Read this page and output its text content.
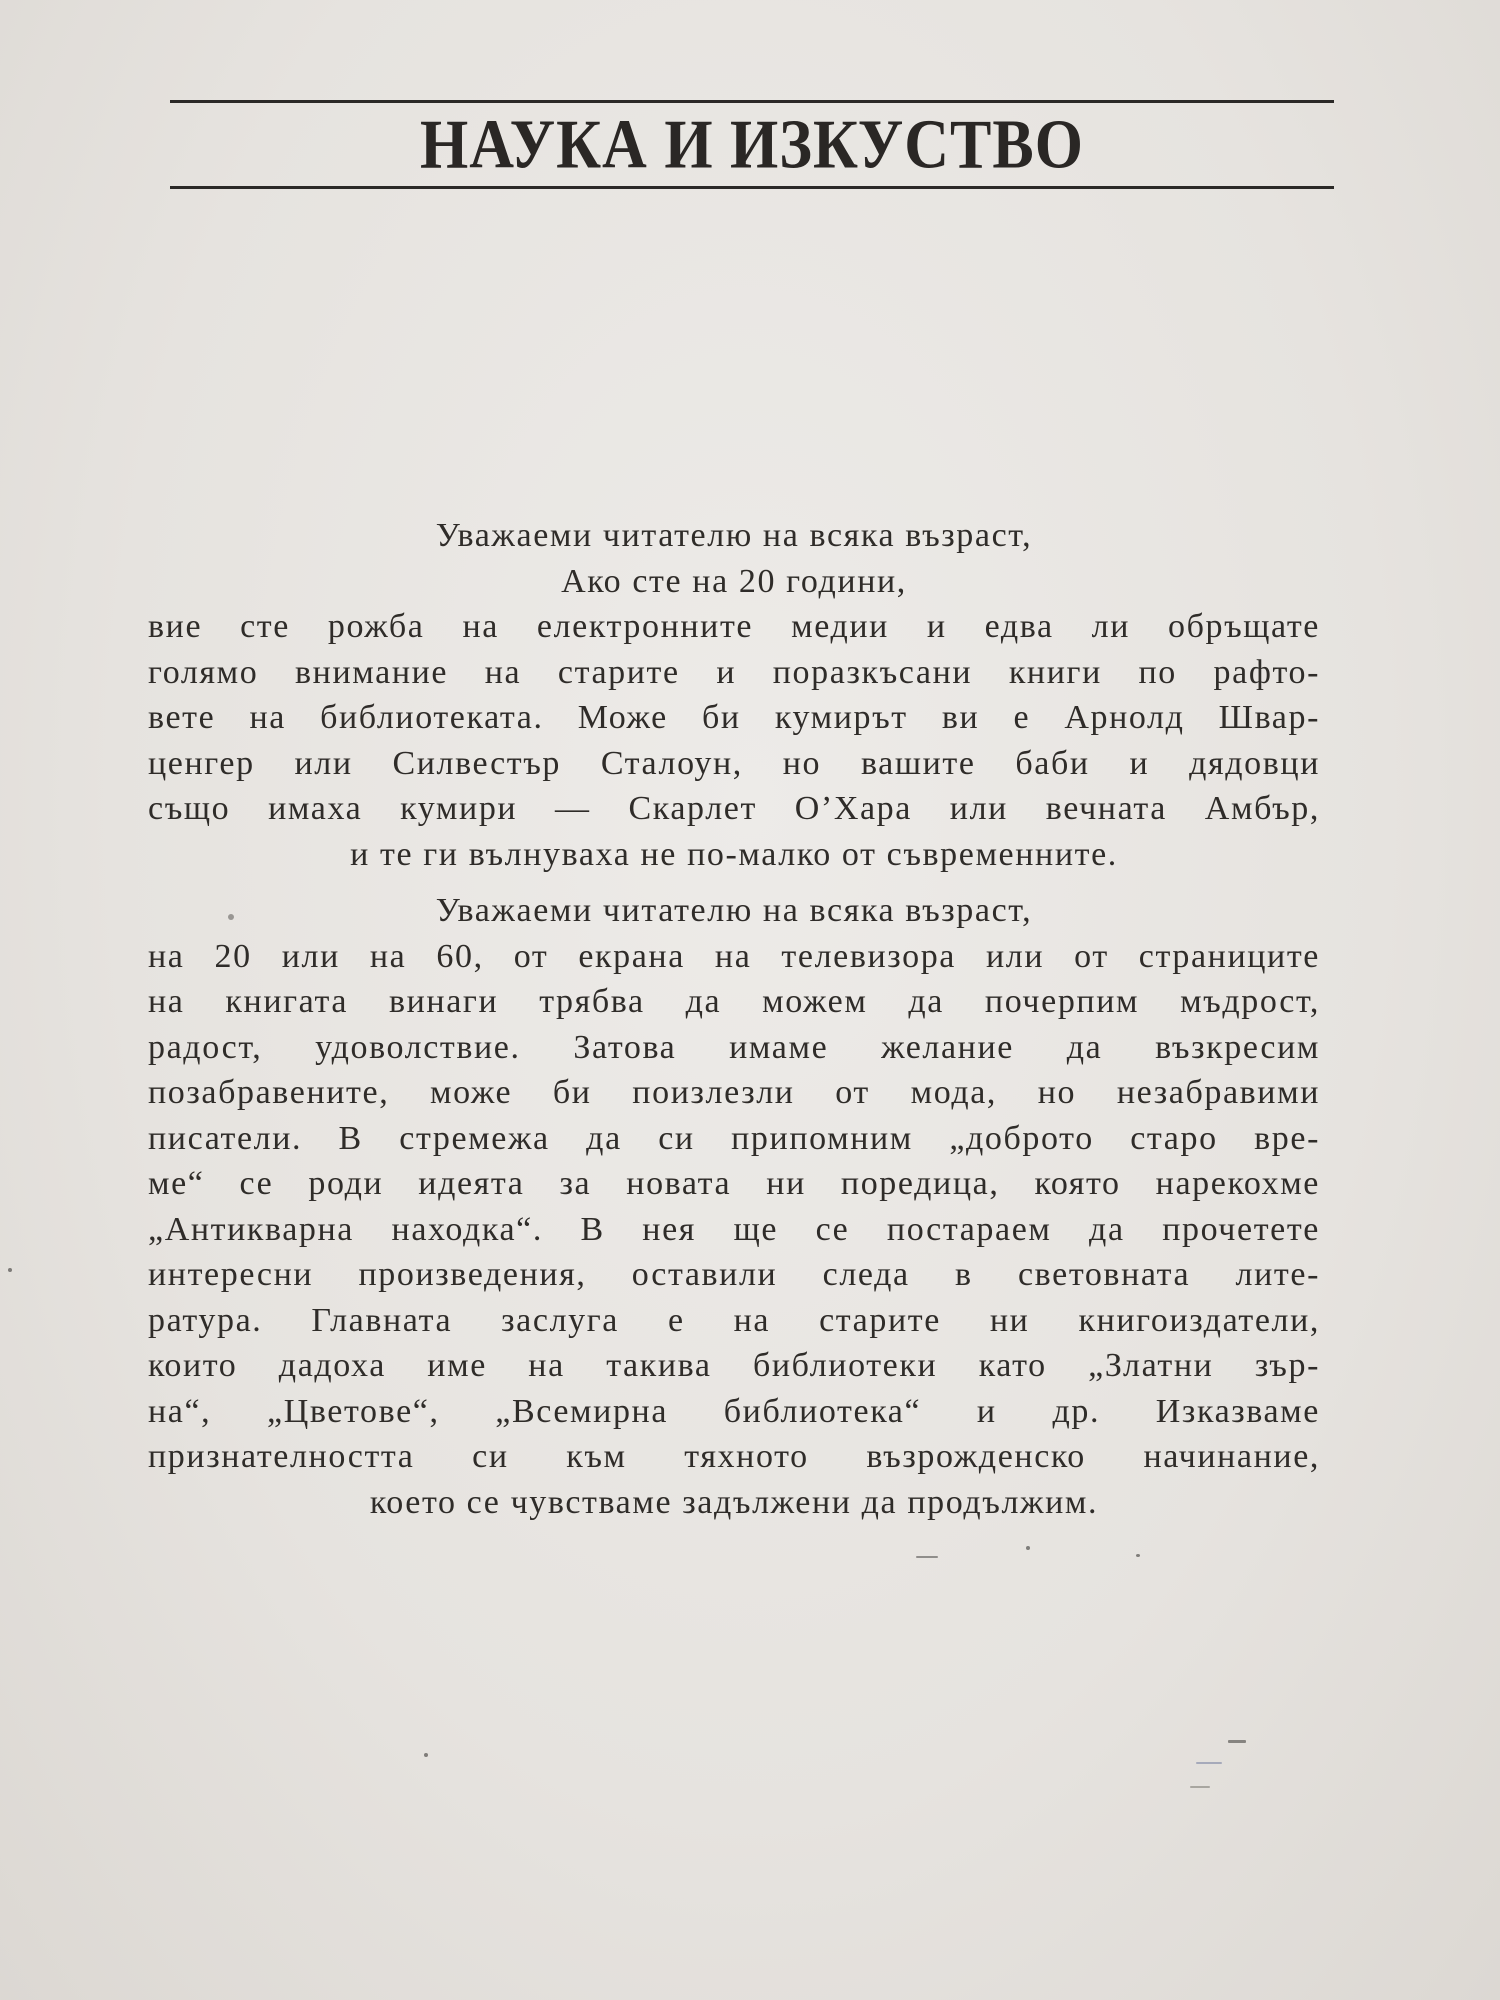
НАУКА И ИЗКУСТВО
Уважаеми читателю на всяка възраст,
Ако сте на 20 години,
вие сте рожба на електронните медии и едва ли обръщате
голямо внимание на старите и поразкъсани книги по рафто-
вете на библиотеката. Може би кумирът ви е Арнолд Швар-
ценгер или Силвестър Сталоун, но вашите баби и дядовци
също имаха кумири — Скарлет О’Хара или вечната Амбър,
и те ги вълнуваха не по-малко от съвременните.
Уважаеми читателю на всяка възраст,
на 20 или на 60, от екрана на телевизора или от страниците
на книгата винаги трябва да можем да почерпим мъдрост,
радост, удоволствие. Затова имаме желание да възкресим
позабравените, може би поизлезли от мода, но незабравими
писатели. В стремежа да си припомним „доброто старо вре-
ме“ се роди идеята за новата ни поредица, която нарекохме
„Антикварна находка“. В нея ще се постараем да прочетете
интересни произведения, оставили следа в световната лите-
ратура. Главната заслуга е на старите ни книгоиздатели,
които дадоха име на такива библиотеки като „Златни зър-
на“, „Цветове“, „Всемирна библиотека“ и др. Изказваме
признателността си към тяхното възрожденско начинание,
което се чувстваме задължени да продължим.
